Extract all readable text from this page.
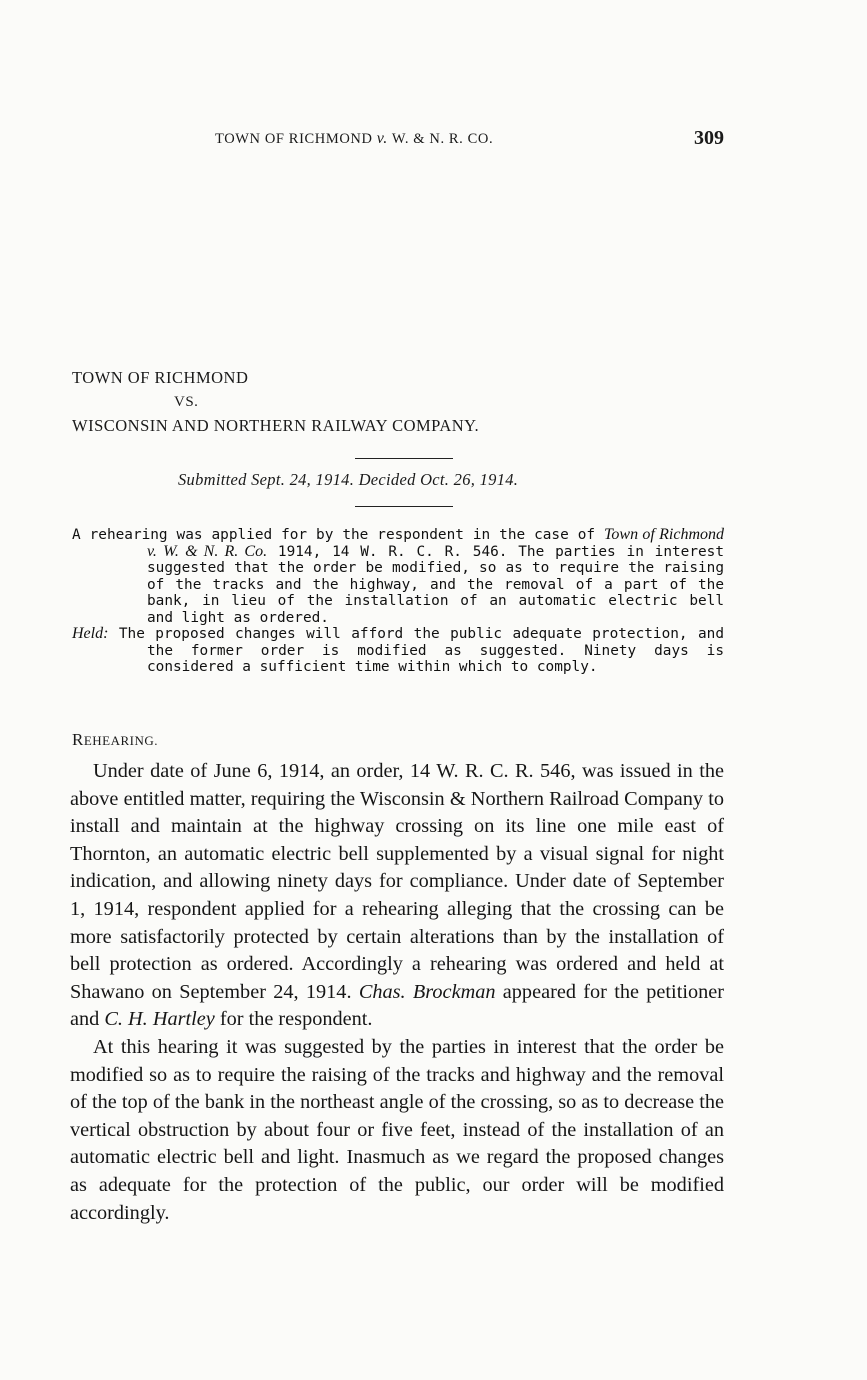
TOWN OF RICHMOND v. W. & N. R. CO.	309
TOWN OF RICHMOND
VS.
WISCONSIN AND NORTHERN RAILWAY COMPANY.
Submitted Sept. 24, 1914. Decided Oct. 26, 1914.

A rehearing was applied for by the respondent in the case of Town of Richmond v. W. & N. R. Co. 1914, 14 W. R. C. R. 546. The parties in interest suggested that the order be modified, so as to require the raising of the tracks and the highway, and the removal of a part of the bank, in lieu of the installation of an automatic electric bell and light as ordered.

Held: The proposed changes will afford the public adequate protection, and the former order is modified as suggested. Ninety days is considered a sufficient time within which to comply.

REHEARING.

Under date of June 6, 1914, an order, 14 W. R. C. R. 546, was issued in the above entitled matter, requiring the Wisconsin & Northern Railroad Company to install and maintain at the highway crossing on its line one mile east of Thornton, an automatic electric bell supplemented by a visual signal for night indication, and allowing ninety days for compliance. Under date of September 1, 1914, respondent applied for a rehearing alleging that the crossing can be more satisfactorily protected by certain alterations than by the installation of bell protection as ordered. Accordingly a rehearing was ordered and held at Shawano on September 24, 1914. Chas. Brockman appeared for the petitioner and C. H. Hartley for the respondent.

At this hearing it was suggested by the parties in interest that the order be modified so as to require the raising of the tracks and highway and the removal of the top of the bank in the northeast angle of the crossing, so as to decrease the vertical obstruction by about four or five feet, instead of the installation of an automatic electric bell and light. Inasmuch as we regard the proposed changes as adequate for the protection of the public, our order will be modified accordingly.
